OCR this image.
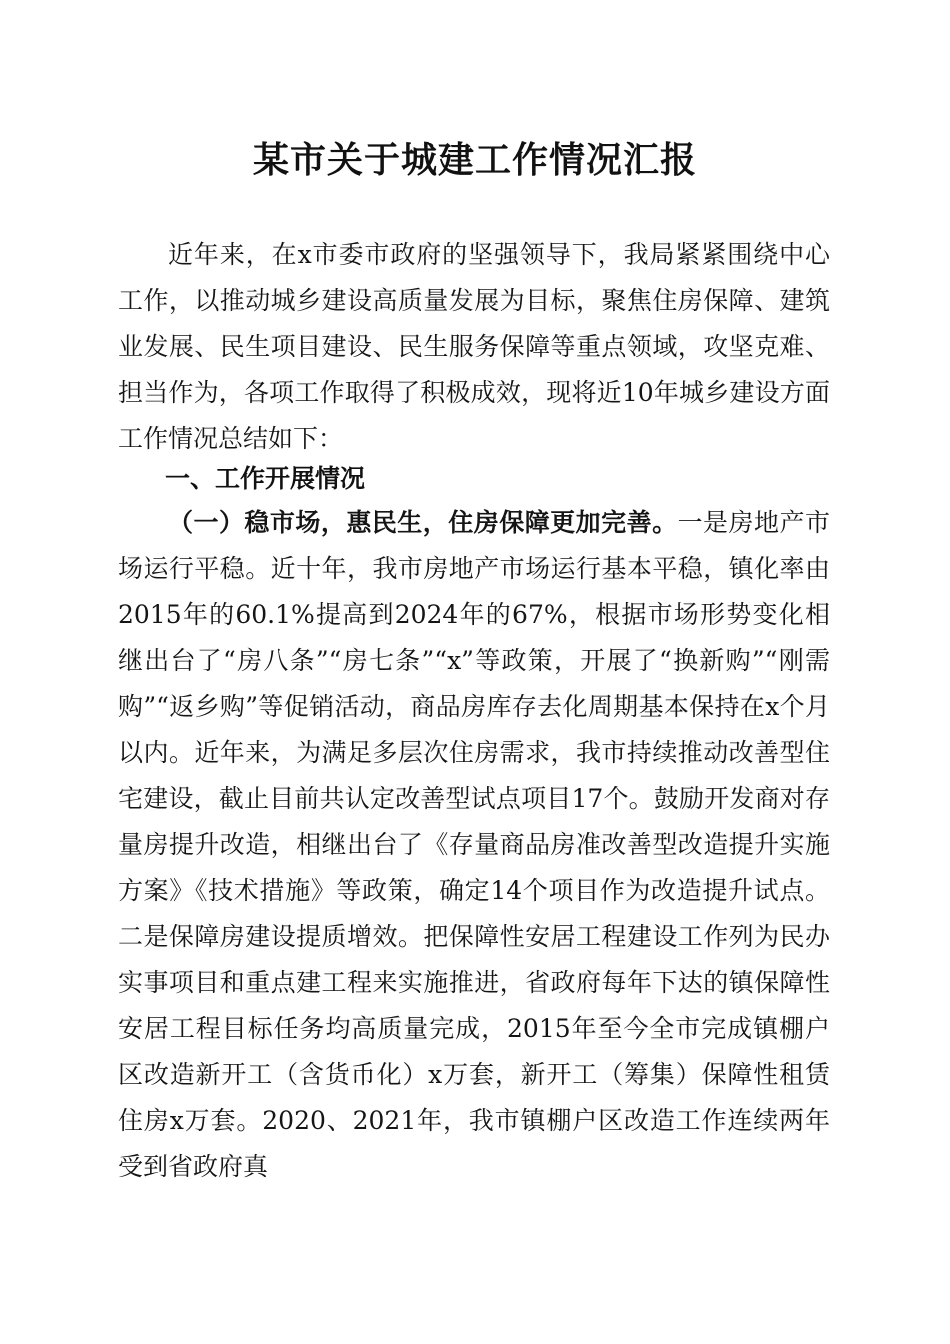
某市关于城建工作情况汇报

近年来，在x市委市政府的坚强领导下，我局紧紧围绕中心工作，以推动城乡建设高质量发展为目标，聚焦住房保障、建筑业发展、民生项目建设、民生服务保障等重点领域，攻坚克难、担当作为，各项工作取得了积极成效，现将近10年城乡建设方面工作情况总结如下：

一、工作开展情况

（一）稳市场，惠民生，住房保障更加完善。一是房地产市场运行平稳。近十年，我市房地产市场运行基本平稳，镇化率由2015年的60.1%提高到2024年的67%，根据市场形势变化相继出台了“房八条”“房七条”“x”等政策，开展了“换新购”“刚需购”“返乡购”等促销活动，商品房库存去化周期基本保持在x个月以内。近年来，为满足多层次住房需求，我市持续推动改善型住宅建设，截止目前共认定改善型试点项目17个。鼓励开发商对存量房提升改造，相继出台了《存量商品房准改善型改造提升实施方案》《技术措施》等政策，确定14个项目作为改造提升试点。二是保障房建设提质增效。把保障性安居工程建设工作列为民办实事项目和重点建工程来实施推进，省政府每年下达的镇保障性安居工程目标任务均高质量完成，2015年至今全市完成镇棚户区改造新开工（含货币化）x万套，新开工（筹集）保障性租赁住房x万套。2020、2021年，我市镇棚户区改造工作连续两年受到省政府真
